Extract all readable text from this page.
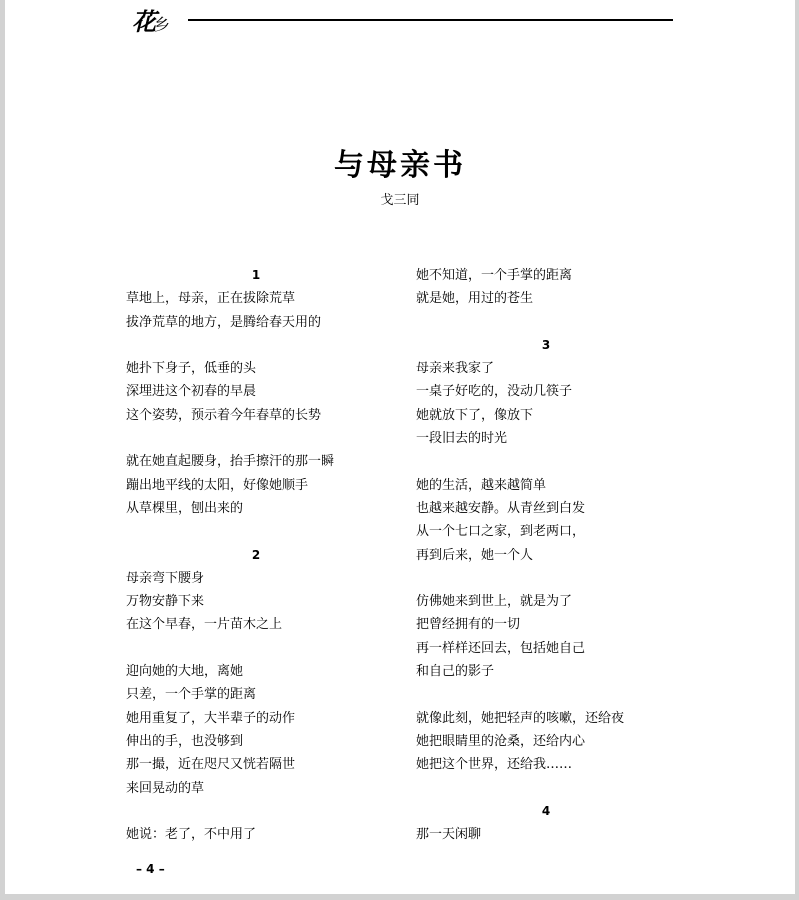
花乡
与母亲书
戈三同
1
草地上，母亲，正在拔除荒草
拔净荒草的地方，是腾给春天用的
她扑下身子，低垂的头
深埋进这个初春的早晨
这个姿势，预示着今年春草的长势
就在她直起腰身，抬手擦汗的那一瞬
蹦出地平线的太阳，好像她顺手
从草棵里，刨出来的
2
母亲弯下腰身
万物安静下来
在这个早春，一片苗木之上
迎向她的大地，离她
只差，一个手掌的距离
她用重复了，大半辈子的动作
伸出的手，也没够到
那一撮，近在咫尺又恍若隔世
来回晃动的草
她说：老了，不中用了
她不知道，一个手掌的距离
就是她，用过的苍生
3
母亲来我家了
一桌子好吃的，没动几筷子
她就放下了，像放下
一段旧去的时光
她的生活，越来越简单
也越来越安静。从青丝到白发
从一个七口之家，到老两口，
再到后来，她一个人
仿佛她来到世上，就是为了
把曾经拥有的一切
再一样样还回去，包括她自己
和自己的影子
就像此刻，她把轻声的咳嗽，还给夜
她把眼睛里的沧桑，还给内心
她把这个世界，还给我……
4
那一天闲聊
– 4 –
